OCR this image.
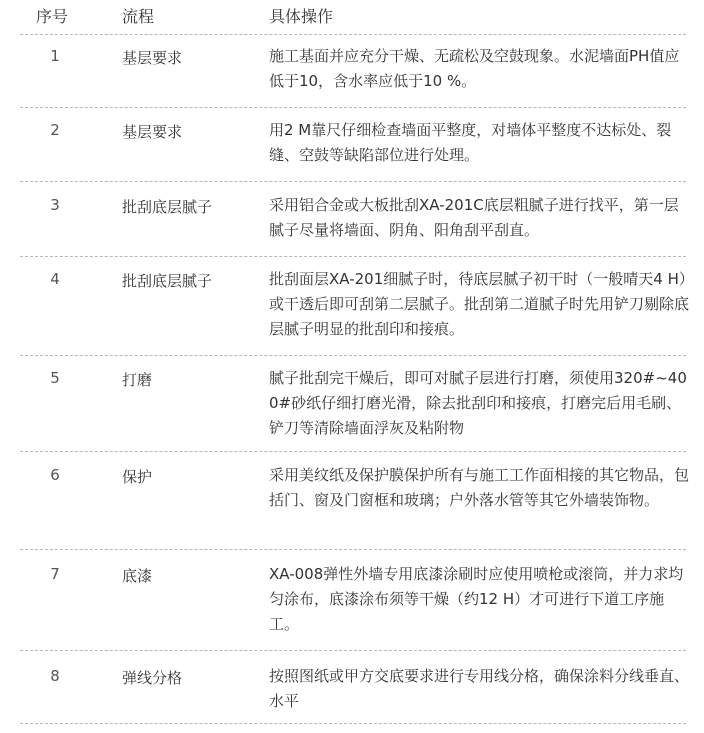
序号	流程	具体操作
1	基层要求	施工基面并应充分干燥、无疏松及空鼓现象。水泥墙面PH值应低于10，含水率应低于10 %。
2	基层要求	用2 M靠尺仔细检查墙面平整度，对墙体平整度不达标处、裂缝、空鼓等缺陷部位进行处理。
3	批刮底层腻子	采用铝合金或大板批刮XA-201C底层粗腻子进行找平，第一层腻子尽量将墙面、阴角、阳角刮平刮直。
4	批刮底层腻子	批刮面层XA-201细腻子时，待底层腻子初干时（一般晴天4 H）或干透后即可刮第二层腻子。批刮第二道腻子时先用铲刀剔除底层腻子明显的批刮印和接痕。
5	打磨	腻子批刮完干燥后，即可对腻子层进行打磨，须使用320#~400#砂纸仔细打磨光滑，除去批刮印和接痕，打磨完后用毛刷、铲刀等清除墙面浮灰及粘附物
6	保护	采用美纹纸及保护膜保护所有与施工工作面相接的其它物品，包括门、窗及门窗框和玻璃；户外落水管等其它外墙装饰物。
7	底漆	XA-008弹性外墙专用底漆涂刷时应使用喷枪或滚筒，并力求均匀涂布，底漆涂布须等干燥（约12 H）才可进行下道工序施工。
8	弹线分格	按照图纸或甲方交底要求进行专用线分格，确保涂料分线垂直、水平
